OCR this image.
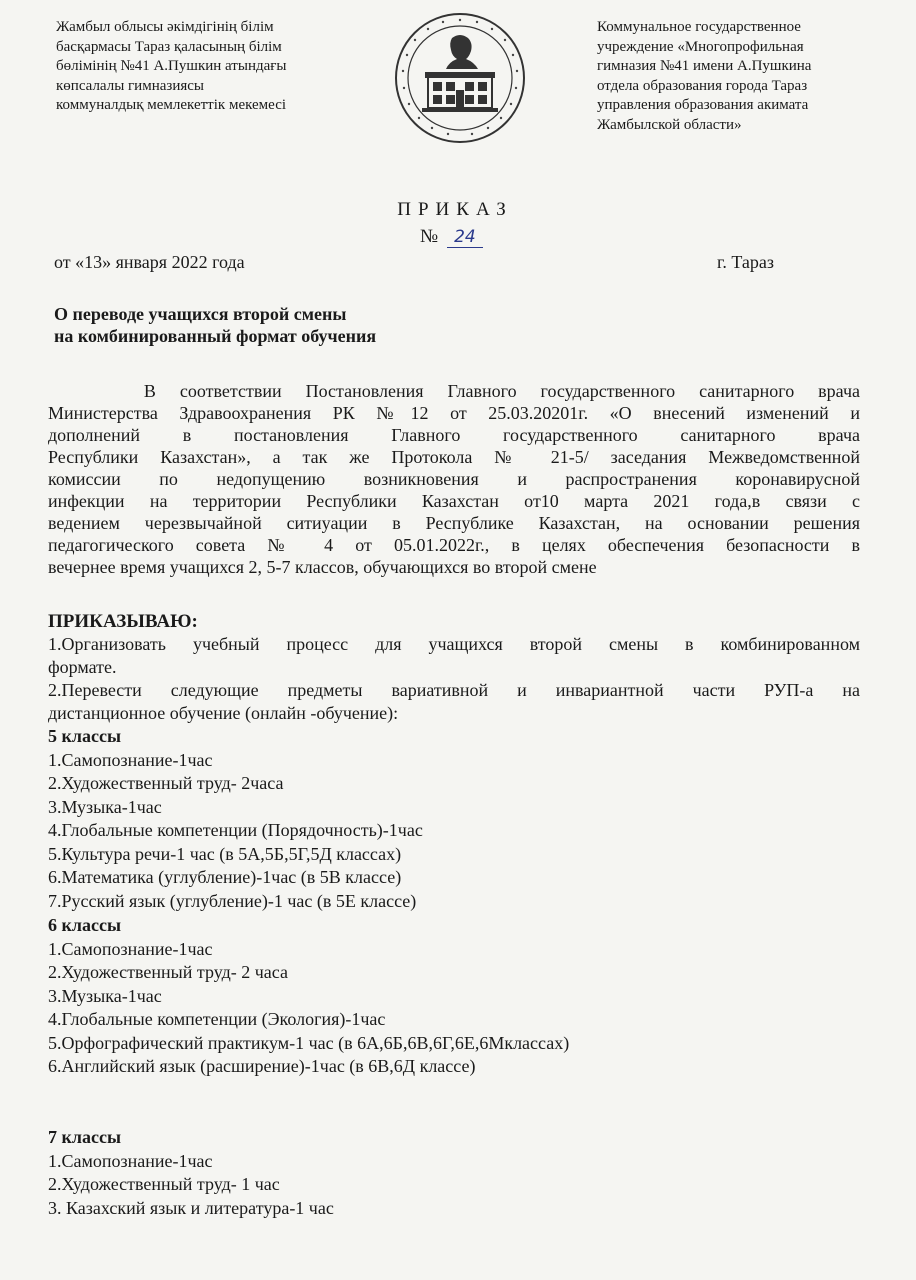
Жамбыл облысы әкімдігінің білім
басқармасы Тараз қаласының білім
бөлімінің №41 А.Пушкин атындағы
көпсалалы гимназиясы
коммуналдық мемлекеттік мекемесі
Коммунальное государственное
учреждение «Многопрофильная
гимназия №41 имени А.Пушкина
отдела образования города Тараз
управления образования акимата
Жамбылской области»
ПРИКАЗ
№ 24
от «13» января 2022 года	г. Тараз
О переводе учащихся второй смены
на комбинированный формат обучения
В  соответствии  Постановления  Главного  государственного  санитарного  врача
Министерства Здравоохранения РК №12 от 25.03.20201г. «О внесений изменений и
дополнений в постановления Главного государственного санитарного врача
Республики Казахстан», а так же Протокола № 21-5/ заседания Межведомственной
комиссии по недопущению возникновения и распространения коронавирусной
инфекции на территории Республики Казахстан от10 марта 2021 года,в связи с
ведением черезвычайной ситиуации в Республике Казахстан, на основании решения
педагогического совета № 4 от 05.01.2022г., в целях обеспечения безопасности в
вечернее время учащихся 2, 5-7 классов, обучающихся во второй смене
ПРИКАЗЫВАЮ:
1.Организовать учебный процесс для учащихся второй смены в комбинированном
формате.
2.Перевести следующие предметы вариативной и инвариантной части РУП-а на
дистанционное обучение (онлайн -обучение):
5 классы
1.Самопознание-1час
2.Художественный труд- 2часа
3.Музыка-1час
4.Глобальные компетенции (Порядочность)-1час
5.Культура речи-1 час (в 5А,5Б,5Г,5Д классах)
6.Математика (углубление)-1час (в 5В классе)
7.Русский язык (углубление)-1 час (в 5Е классе)
6 классы
1.Самопознание-1час
2.Художественный труд- 2 часа
3.Музыка-1час
4.Глобальные компетенции (Экология)-1час
5.Орфографический практикум-1 час (в 6А,6Б,6В,6Г,6Е,6Мклассах)
6.Английский язык (расширение)-1час (в 6В,6Д классе)
7 классы
1.Самопознание-1час
2.Художественный труд- 1 час
3. Казахский язык и литература-1 час
